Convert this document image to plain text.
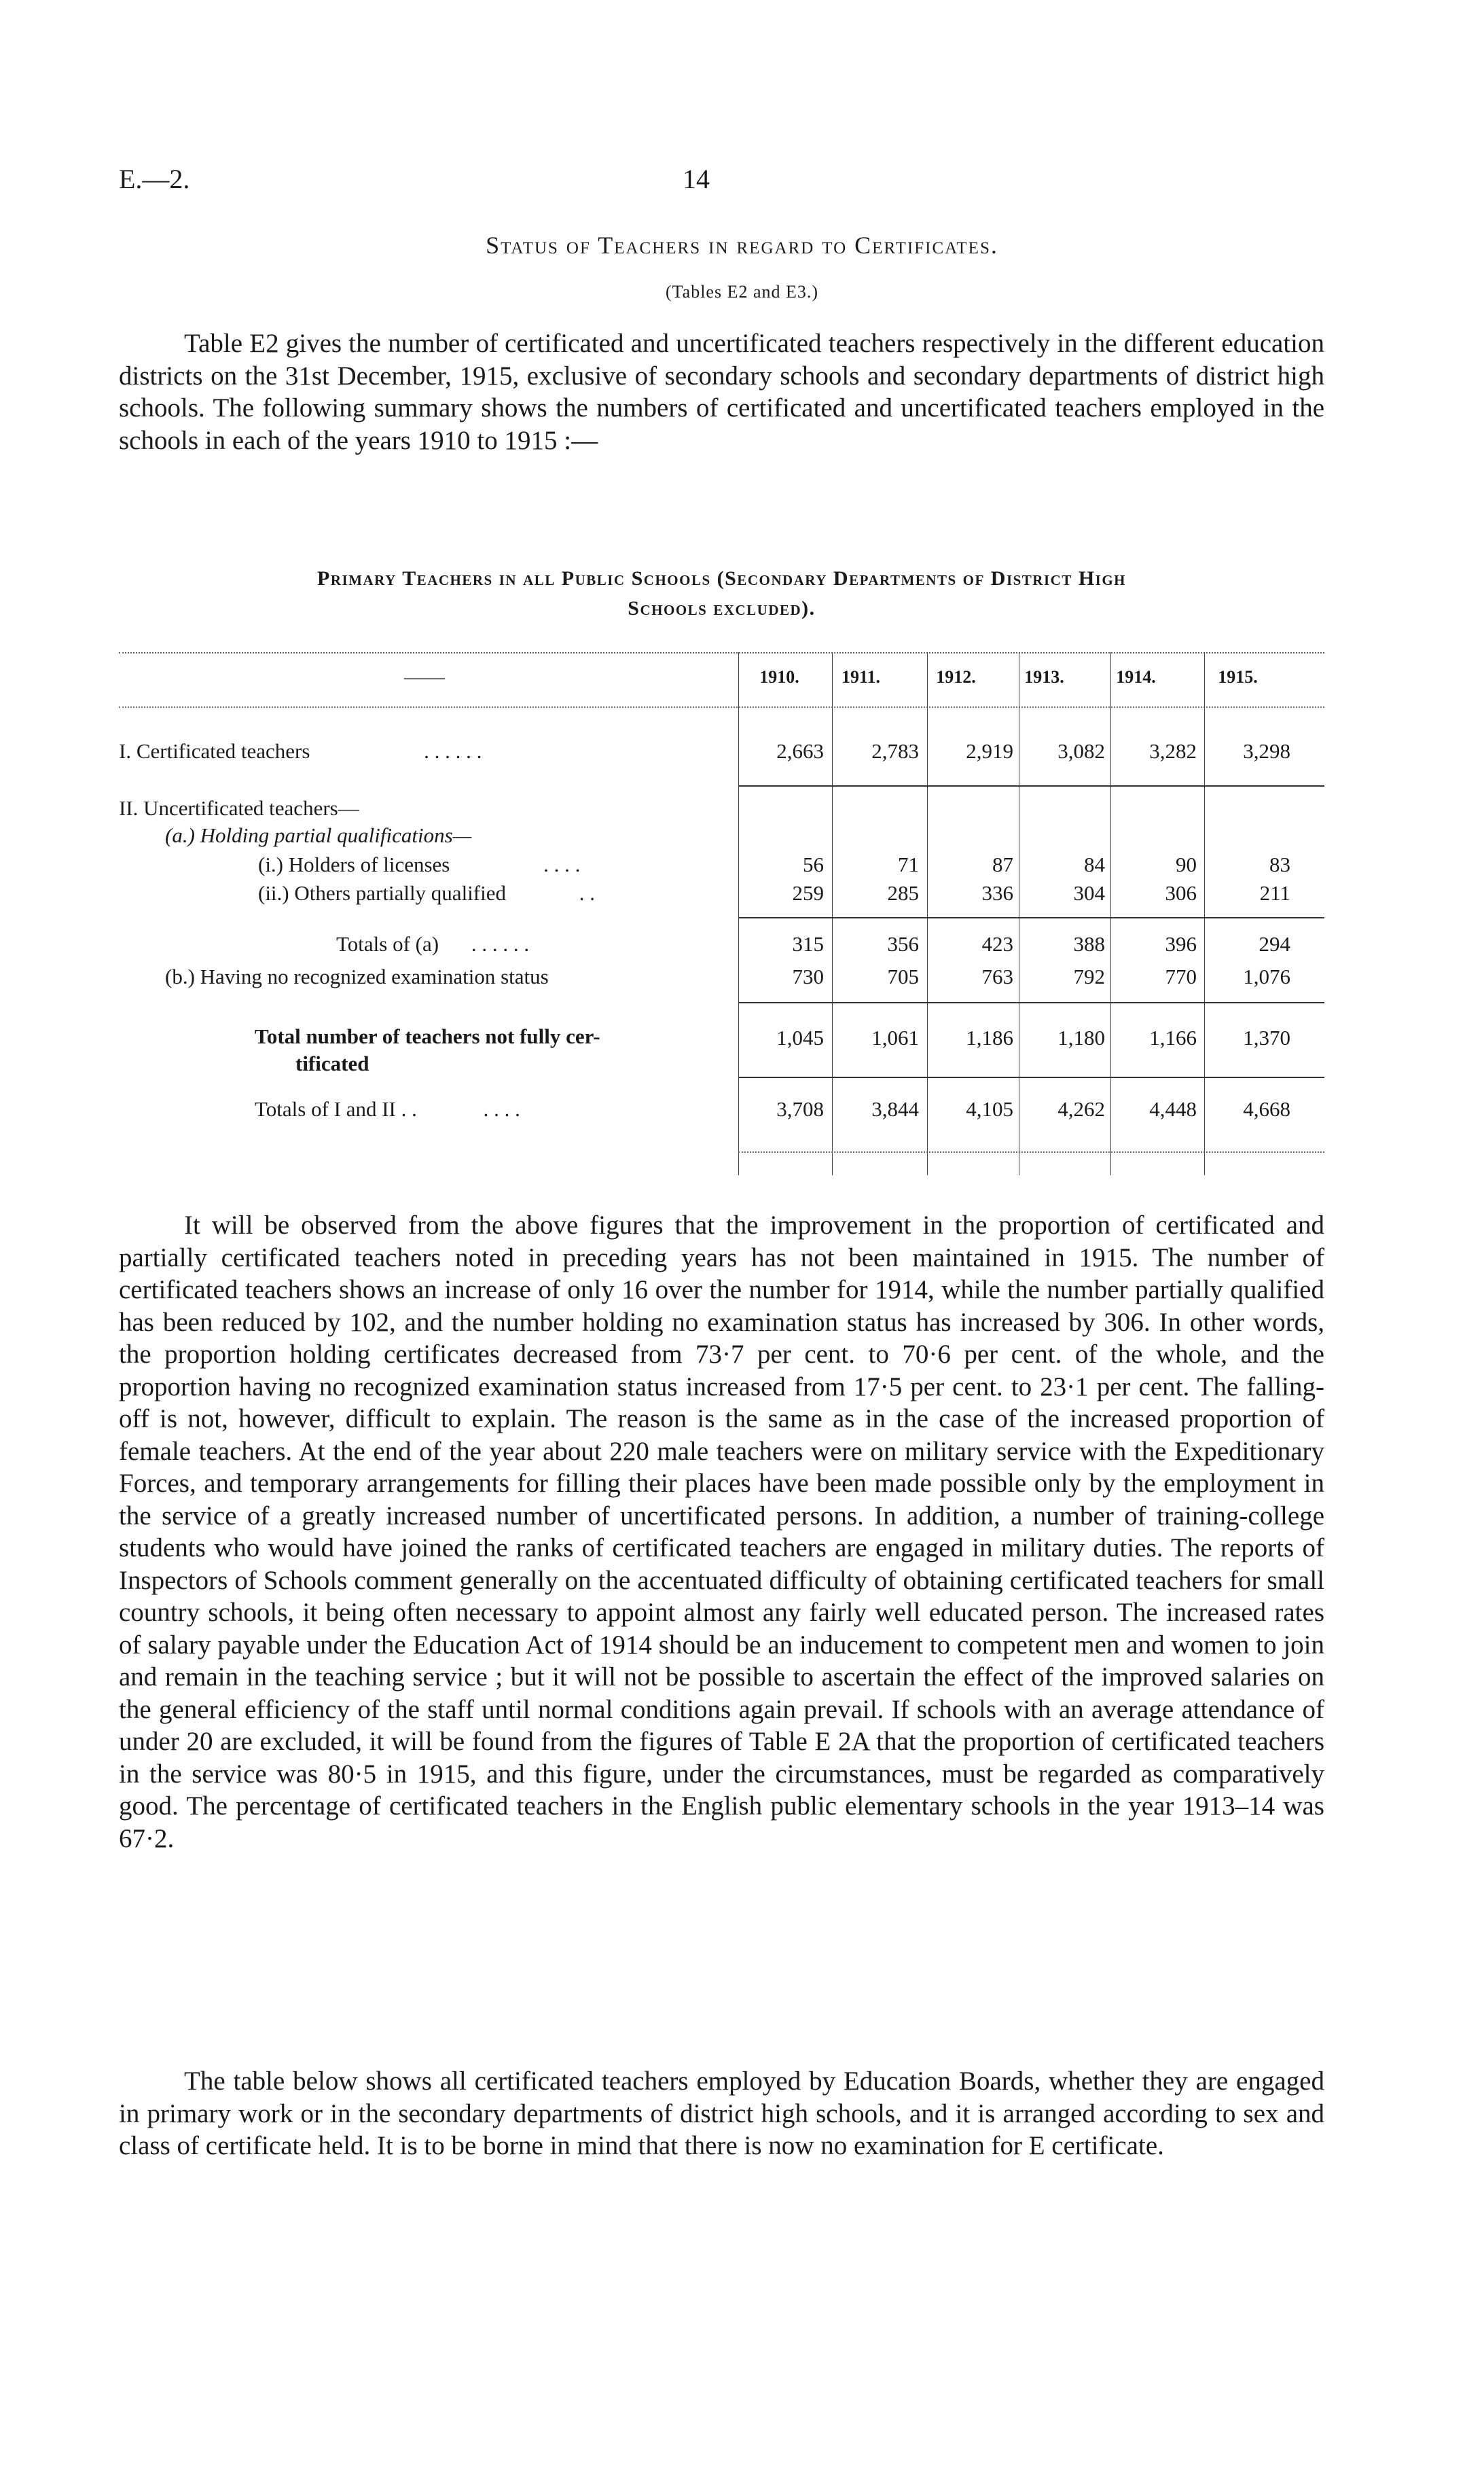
E.—2.	14
Status of Teachers in regard to Certificates.
(Tables E2 and E3.)

Table E2 gives the number of certificated and uncertificated teachers respectively in the different education districts on the 31st December, 1915, exclusive of secondary schools and secondary departments of district high schools. The following summary shows the numbers of certificated and uncertificated teachers employed in the schools in each of the years 1910 to 1915 :—

Primary Teachers in all Public Schools (Secondary Departments of District High
Schools excluded).
——	1910.	1911.	1912.	1913.	1914.	1915.
I. Certificated teachers	. . . . . .	2,663	2,783	2,919	3,082	3,282	3,298
II. Uncertificated teachers—
(a.) Holding partial qualifications—
(i.) Holders of licenses	. . . .	56	71	87	84	90	83
(ii.) Others partially qualified	. .	259	285	336	304	306	211
Totals of (a) . . . . . .	315	356	423	388	396	294
(b.) Having no recognized examination status	730	705	763	792	770	1,076
Total number of teachers not fully cer-
tificated
1,045	1,061	1,186	1,180	1,166	1,370
Totals of I and II . .	. . . .	3,708	3,844	4,105	4,262	4,448	4,668

It will be observed from the above figures that the improvement in the proportion of certificated and partially certificated teachers noted in preceding years has not been maintained in 1915. The number of certificated teachers shows an increase of only 16 over the number for 1914, while the number partially qualified has been reduced by 102, and the number holding no examination status has increased by 306. In other words, the proportion holding certificates decreased from 73·7 per cent. to 70·6 per cent. of the whole, and the proportion having no recognized examination status increased from 17·5 per cent. to 23·1 per cent. The falling-off is not, however, difficult to explain. The reason is the same as in the case of the increased proportion of female teachers. At the end of the year about 220 male teachers were on military service with the Expeditionary Forces, and temporary arrangements for filling their places have been made possible only by the employment in the service of a greatly increased number of uncertificated persons. In addition, a number of training-college students who would have joined the ranks of certificated teachers are engaged in military duties. The reports of Inspectors of Schools comment generally on the accentuated difficulty of obtaining certificated teachers for small country schools, it being often necessary to appoint almost any fairly well educated person. The increased rates of salary payable under the Education Act of 1914 should be an inducement to competent men and women to join and remain in the teaching service ; but it will not be possible to ascertain the effect of the improved salaries on the general efficiency of the staff until normal conditions again prevail. If schools with an average attendance of under 20 are excluded, it will be found from the figures of Table E 2A that the proportion of certificated teachers in the service was 80·5 in 1915, and this figure, under the circumstances, must be regarded as comparatively good. The percentage of certificated teachers in the English public elementary schools in the year 1913–14 was 67·2.

The table below shows all certificated teachers employed by Education Boards, whether they are engaged in primary work or in the secondary departments of district high schools, and it is arranged according to sex and class of certificate held. It is to be borne in mind that there is now no examination for E certificate.
